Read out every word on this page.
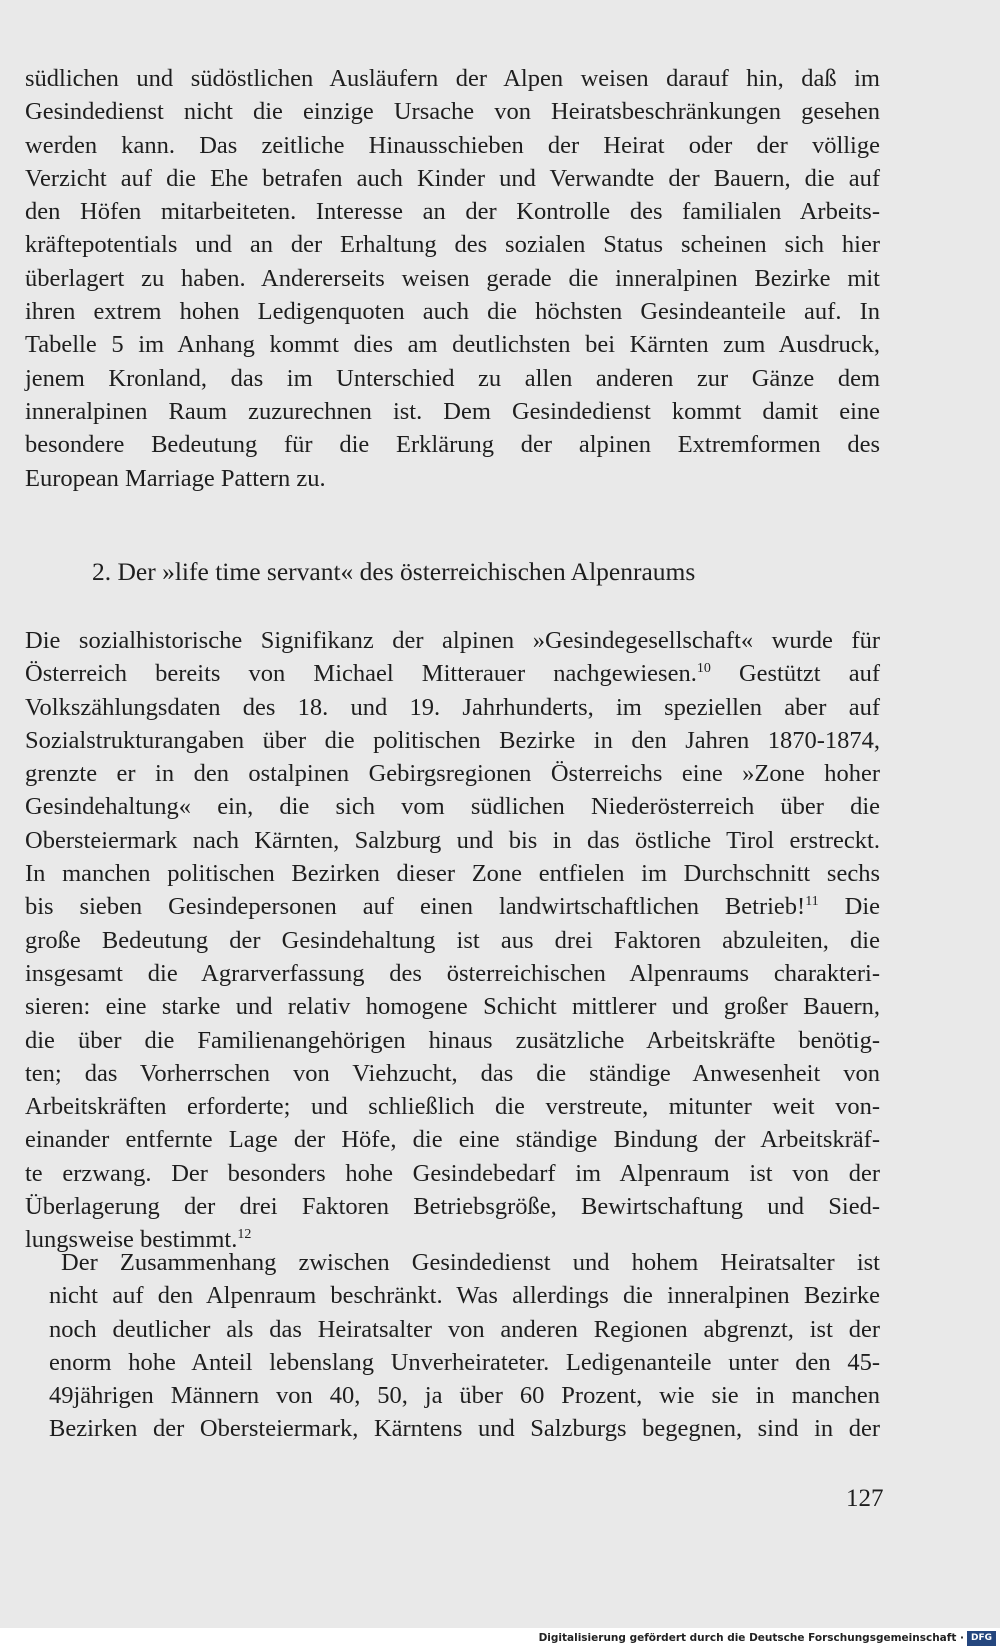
südlichen und südöstlichen Ausläufern der Alpen weisen darauf hin, daß im
Gesindedienst nicht die einzige Ursache von Heiratsbeschränkungen gesehen
werden kann. Das zeitliche Hinausschieben der Heirat oder der völlige
Verzicht auf die Ehe betrafen auch Kinder und Verwandte der Bauern, die auf
den Höfen mitarbeiteten. Interesse an der Kontrolle des familialen Arbeits-
kräftepotentials und an der Erhaltung des sozialen Status scheinen sich hier
überlagert zu haben. Andererseits weisen gerade die inneralpinen Bezirke mit
ihren extrem hohen Ledigenquoten auch die höchsten Gesindeanteile auf. In
Tabelle 5 im Anhang kommt dies am deutlichsten bei Kärnten zum Ausdruck,
jenem Kronland, das im Unterschied zu allen anderen zur Gänze dem
inneralpinen Raum zuzurechnen ist. Dem Gesindedienst kommt damit eine
besondere Bedeutung für die Erklärung der alpinen Extremformen des
European Marriage Pattern zu.

2. Der »life time servant« des österreichischen Alpenraums

Die sozialhistorische Signifikanz der alpinen »Gesindegesellschaft« wurde für
Österreich bereits von Michael Mitterauer nachgewiesen.$^{10}$ Gestützt auf
Volkszählungsdaten des 18. und 19. Jahrhunderts, im speziellen aber auf
Sozialstrukturangaben über die politischen Bezirke in den Jahren 1870-1874,
grenzte er in den ostalpinen Gebirgsregionen Österreichs eine »Zone hoher
Gesindehaltung« ein, die sich vom südlichen Niederösterreich über die
Obersteiermark nach Kärnten, Salzburg und bis in das östliche Tirol erstreckt.
In manchen politischen Bezirken dieser Zone entfielen im Durchschnitt sechs
bis sieben Gesindepersonen auf einen landwirtschaftlichen Betrieb!$^{11}$ Die
große Bedeutung der Gesindehaltung ist aus drei Faktoren abzuleiten, die
insgesamt die Agrarverfassung des österreichischen Alpenraums charakteri-
sieren: eine starke und relativ homogene Schicht mittlerer und großer Bauern,
die über die Familienangehörigen hinaus zusätzliche Arbeitskräfte benötig-
ten; das Vorherrschen von Viehzucht, das die ständige Anwesenheit von
Arbeitskräften erforderte; und schließlich die verstreute, mitunter weit von-
einander entfernte Lage der Höfe, die eine ständige Bindung der Arbeitskräf-
te erzwang. Der besonders hohe Gesindebedarf im Alpenraum ist von der
Überlagerung der drei Faktoren Betriebsgröße, Bewirtschaftung und Sied-
lungsweise bestimmt.$^{12}$

Der Zusammenhang zwischen Gesindedienst und hohem Heiratsalter ist
nicht auf den Alpenraum beschränkt. Was allerdings die inneralpinen Bezirke
noch deutlicher als das Heiratsalter von anderen Regionen abgrenzt, ist der
enorm hohe Anteil lebenslang Unverheirateter. Ledigenanteile unter den 45-
49jährigen Männern von 40, 50, ja über 60 Prozent, wie sie in manchen
Bezirken der Obersteiermark, Kärntens und Salzburgs begegnen, sind in der

127
Digitalisierung gefördert durch die Deutsche Forschungsgemeinschaft · DFG
